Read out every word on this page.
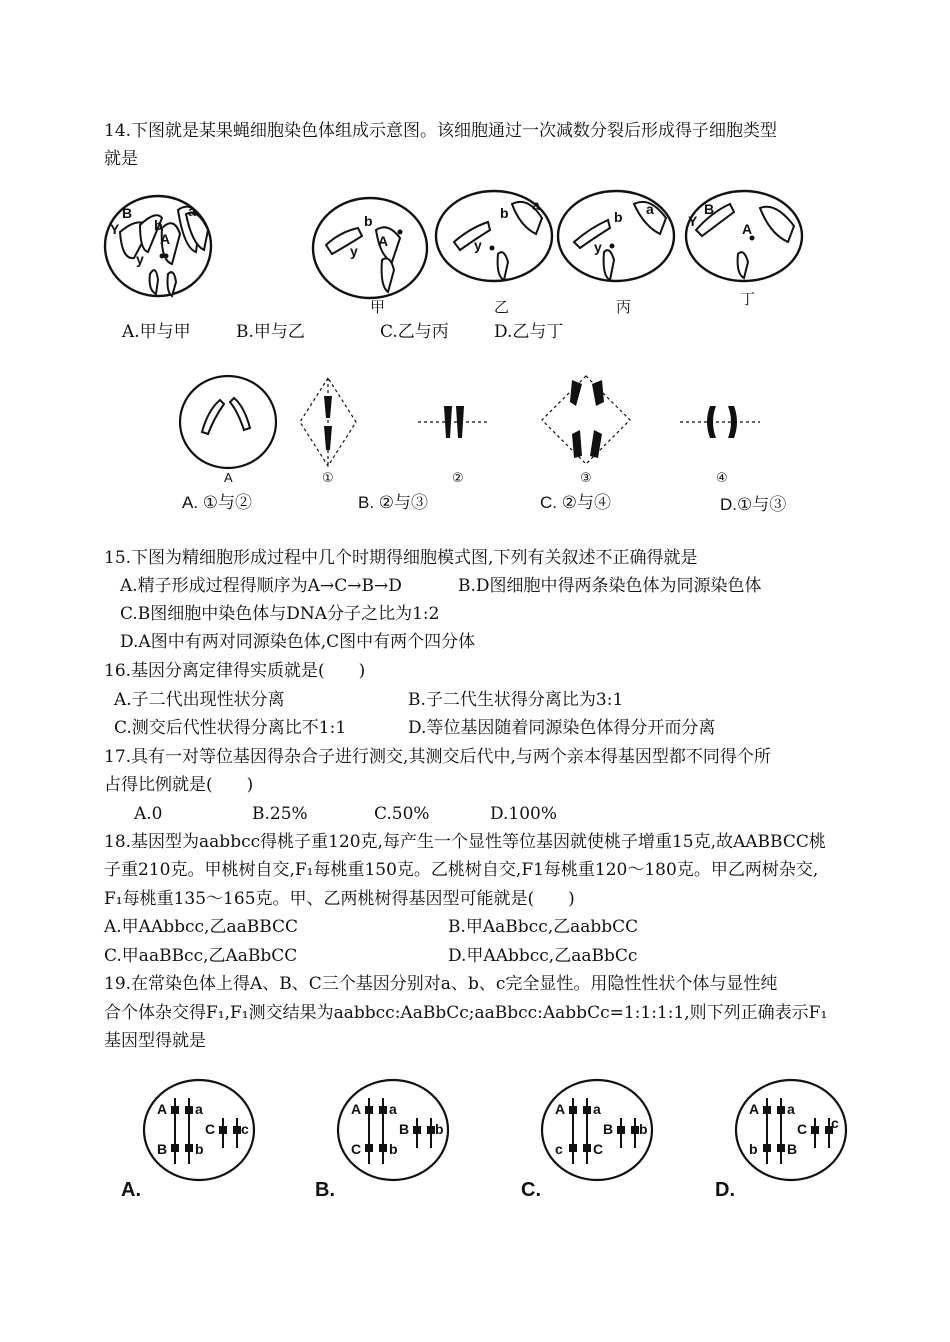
14.下图就是某果蝇细胞染色体组成示意图。该细胞通过一次减数分裂后形成得子细胞类型
就是
B
Y b
a
A
y
b
A
y
b a
y
b a
y
B
Y	A
甲	乙	丙	丁
A.甲与甲	B.甲与乙	C.乙与丙	D.乙与丁
A	①	②	③	④
A. ①与②	B. ②与③	C. ②与④	D.①与③
15.下图为精细胞形成过程中几个时期得细胞模式图,下列有关叙述不正确得就是
A.精子形成过程得顺序为A→C→B→D	B.D图细胞中得两条染色体为同源染色体
C.B图细胞中染色体与DNA分子之比为1:2
D.A图中有两对同源染色体,C图中有两个四分体
16.基因分离定律得实质就是(　　)
A.子二代出现性状分离	B.子二代生状得分离比为3:1
C.测交后代性状得分离比不1:1	D.等位基因随着同源染色体得分开而分离
17.具有一对等位基因得杂合子进行测交,其测交后代中,与两个亲本得基因型都不同得个所
占得比例就是(　　)
A.0	B.25%	C.50%	D.100%
18.基因型为aabbcc得桃子重120克,每产生一个显性等位基因就使桃子增重15克,故AABBCC桃
子重210克。甲桃树自交,F₁每桃重150克。乙桃树自交,F1每桃重120～180克。甲乙两树杂交,
F₁每桃重135～165克。甲、乙两桃树得基因型可能就是(　　)
A.甲AAbbcc,乙aaBBCC	B.甲AaBbcc,乙aabbCC
C.甲aaBBcc,乙AaBbCC	D.甲AAbbcc,乙aaBbCc
19.在常染色体上得A、B、C三个基因分别对a、b、c完全显性。用隐性性状个体与显性纯
合个体杂交得F₁,F₁测交结果为aabbcc:AaBbCc;aaBbcc:AabbCc=1:1:1:1,则下列正确表示F₁
基因型得就是
A a
B b
C c
A a
C b
B b
A a
c C
B b
A a
b B
C c
A.	B.	C.	D.
